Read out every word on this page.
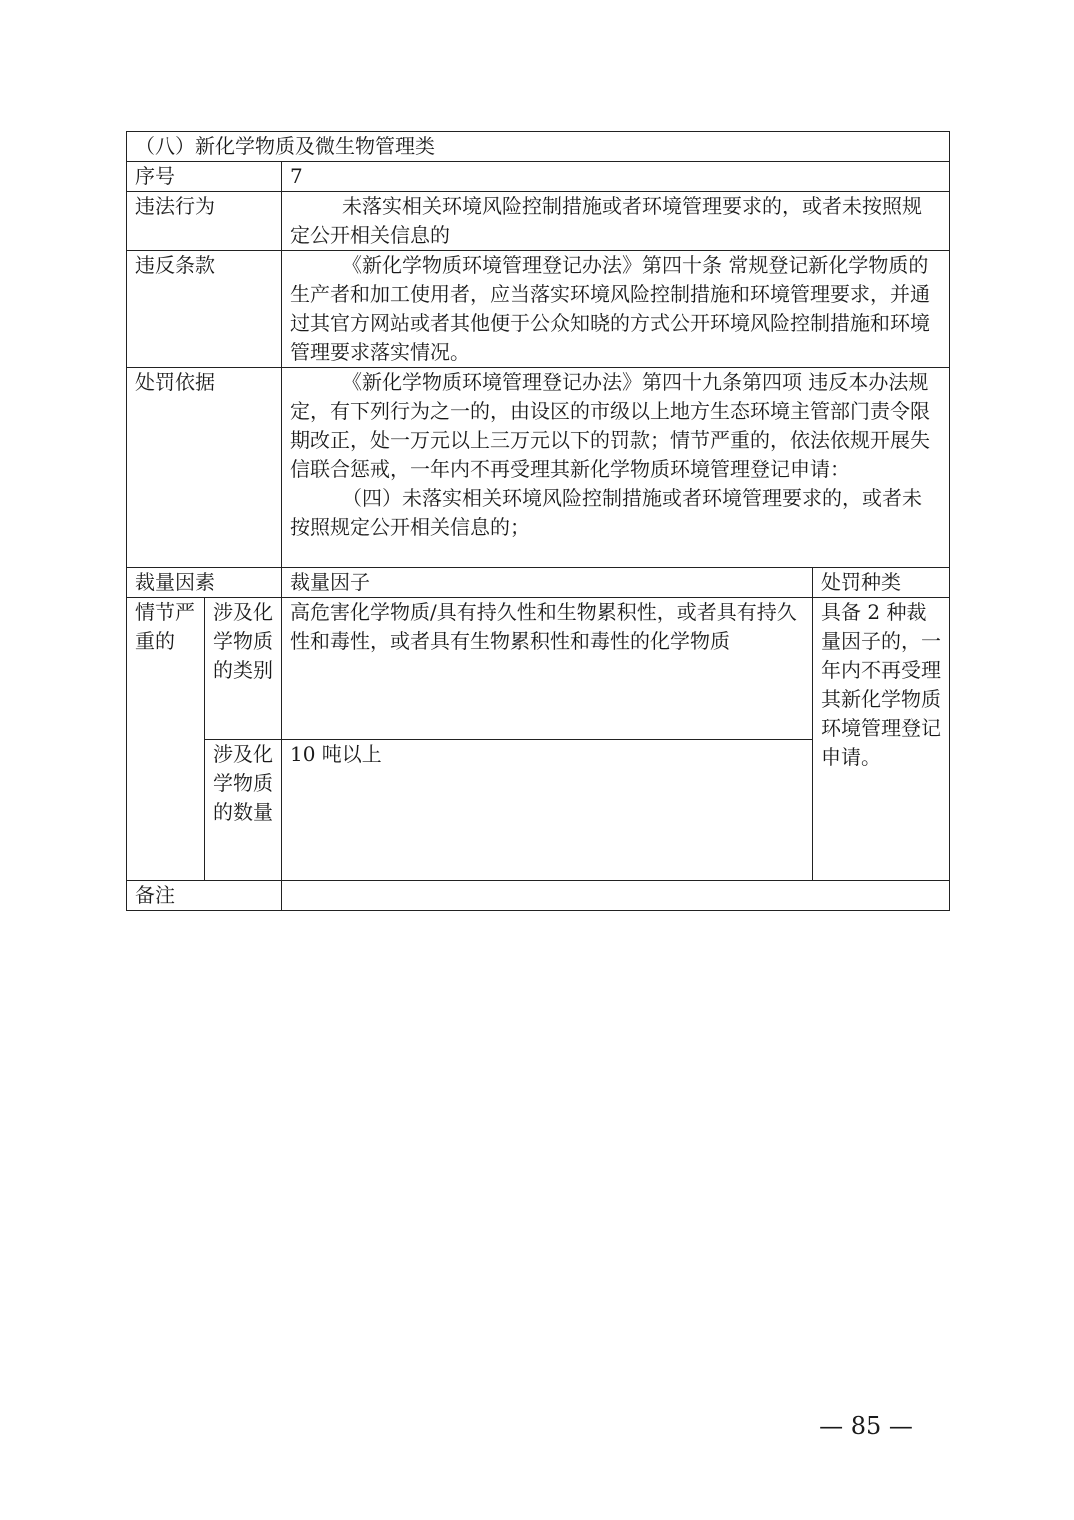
（八）新化学物质及微生物管理类			
序号		7	
违法行为		未落实相关环境风险控制措施或者环境管理要求的，或者未按照规定公开相关信息的	

违反条款		《新化学物质环境管理登记办法》第四十条 常规登记新化学物质的生产者和加工使用者，应当落实环境风险控制措施和环境管理要求，并通过其官方网站或者其他便于公众知晓的方式公开环境风险控制措施和环境管理要求落实情况。	

处罚依据		《新化学物质环境管理登记办法》第四十九条第四项 违反本办法规定，有下列行为之一的，由设区的市级以上地方生态环境主管部门责令限期改正，处一万元以上三万元以下的罚款；情节严重的，依法依规开展失信联合惩戒，一年内不再受理其新化学物质环境管理登记申请：

（四）未落实相关环境风险控制措施或者环境管理要求的，或者未按照规定公开相关信息的；	

裁量因素		裁量因子	处罚种类
情节严重的	涉及化学物质的类别	高危害化学物质/具有持久性和生物累积性，或者具有持久性和毒性，或者具有生物累积性和毒性的化学物质	具备 2 种裁量因子的，一年内不再受理其新化学物质环境管理登记申请。
	涉及化学物质的数量	10 吨以上	
备注			
— 85 —
